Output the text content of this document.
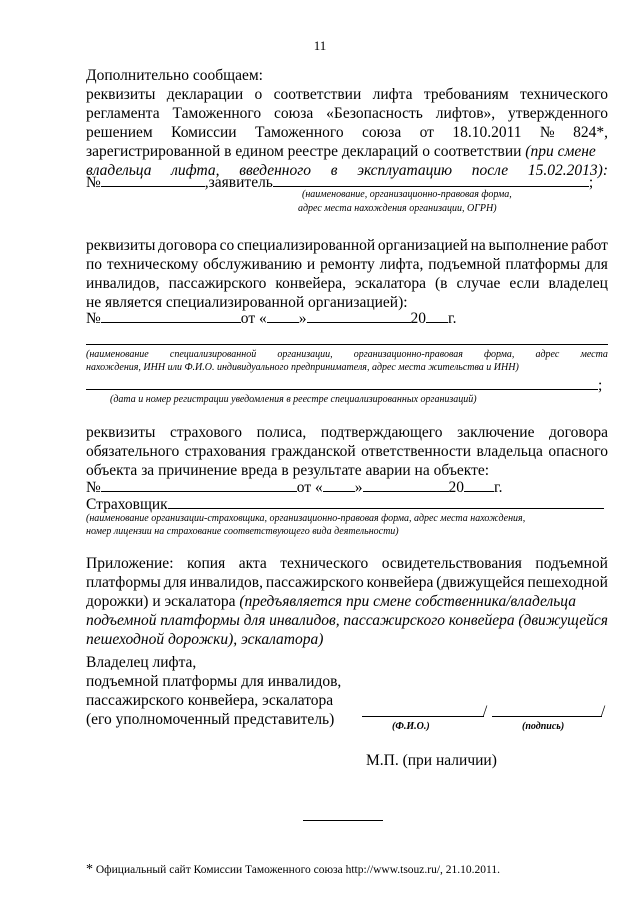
11
Дополнительно сообщаем:
реквизиты декларации о соответствии лифта требованиям технического
регламента Таможенного союза «Безопасность лифтов», утвержденного
решением Комиссии Таможенного союза от 18.10.2011 № 824*,
зарегистрированной в едином реестре деклараций о соответствии (при смене
владельца лифта, введенного в эксплуатацию после 15.02.2013):
№	,заявитель	;
(наименование, организационно-правовая форма,
адрес места нахождения организации, ОГРН)
реквизиты договора со специализированной организацией на выполнение работ
по техническому обслуживанию и ремонту лифта, подъемной платформы для
инвалидов, пассажирского конвейера, эскалатора (в случае если владелец
не является специализированной организацией):
№	от « »	20 г.
(наименование специализированной организации, организационно-правовая форма, адрес места
нахождения, ИНН или Ф.И.О. индивидуального предпринимателя, адрес места жительства и ИНН)
;
(дата и номер регистрации уведомления в реестре специализированных организаций)
реквизиты страхового полиса, подтверждающего заключение договора
обязательного страхования гражданской ответственности владельца опасного
объекта за причинение вреда в результате аварии на объекте:
№	от « »	20 г.
Страховщик
(наименование организации-страховщика, организационно-правовая форма, адрес места нахождения,
номер лицензии на страхование соответствующего вида деятельности)
Приложение: копия акта технического освидетельствования подъемной
платформы для инвалидов, пассажирского конвейера (движущейся пешеходной
дорожки) и эскалатора (предъявляется при смене собственника/владельца
подъемной платформы для инвалидов, пассажирского конвейера (движущейся
пешеходной дорожки), эскалатора)
Владелец лифта,
подъемной платформы для инвалидов,
пассажирского конвейера, эскалатора
(его уполномоченный представитель)	/	/
(Ф.И.О.)	(подпись)
М.П. (при наличии)
* Официальный сайт Комиссии Таможенного союза http://www.tsouz.ru/, 21.10.2011.
